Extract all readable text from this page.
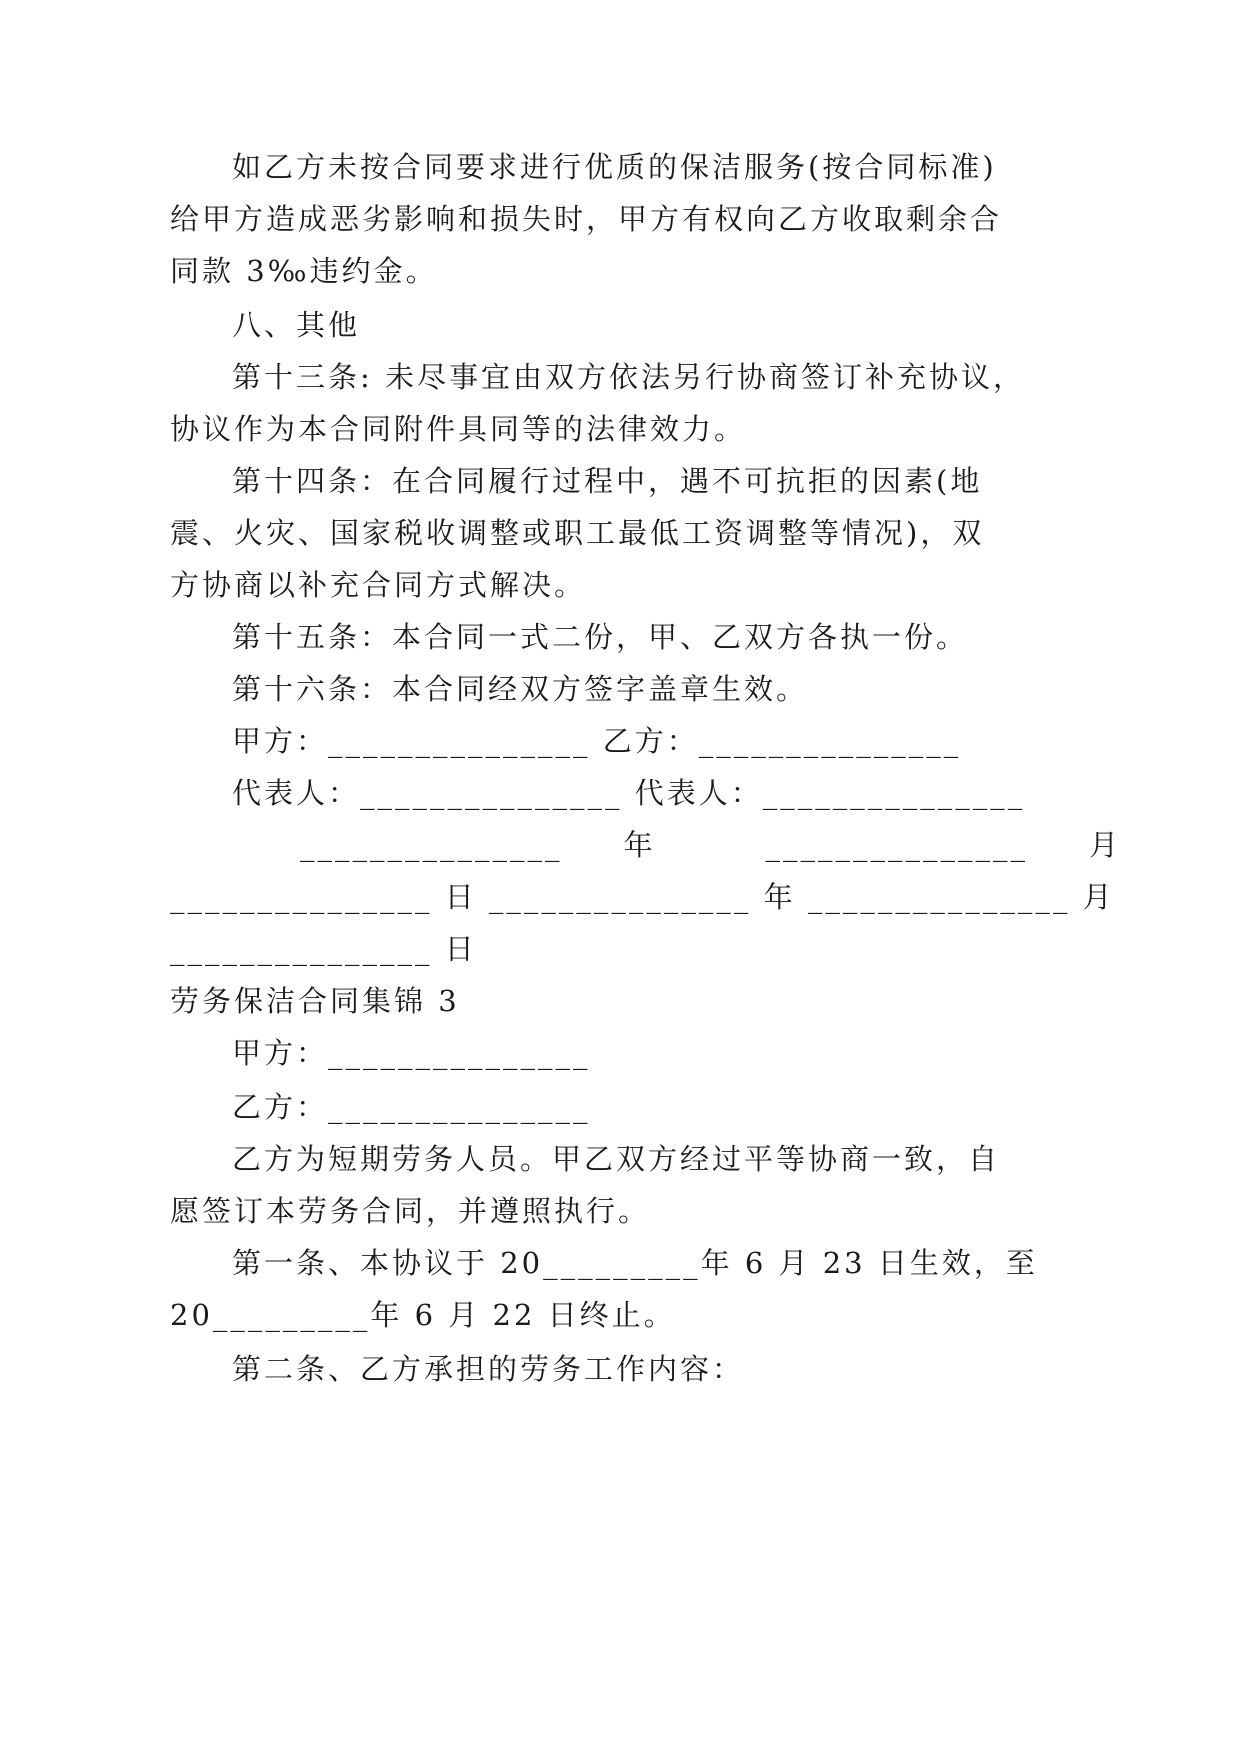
如乙方未按合同要求进行优质的保洁服务(按合同标准)
给甲方造成恶劣影响和损失时，甲方有权向乙方收取剩余合
同款 3‰违约金。
八、其他
第十三条: 未尽事宜由双方依法另行协商签订补充协议，
协议作为本合同附件具同等的法律效力。
第十四条：在合同履行过程中，遇不可抗拒的因素(地
震、火灾、国家税收调整或职工最低工资调整等情况)，双
方协商以补充合同方式解决。
第十五条：本合同一式二份，甲、乙双方各执一份。
第十六条：本合同经双方签字盖章生效。
甲方：_______________ 乙方：_______________
代表人：_______________ 代表人：_______________
_______________     年         _______________     月
_______________ 日 _______________ 年 _______________ 月
_______________ 日
劳务保洁合同集锦 3
甲方：_______________
乙方：_______________
乙方为短期劳务人员。甲乙双方经过平等协商一致，自
愿签订本劳务合同，并遵照执行。
第一条、本协议于 20_________年 6 月 23 日生效，至
20_________年 6 月 22 日终止。
第二条、乙方承担的劳务工作内容：
